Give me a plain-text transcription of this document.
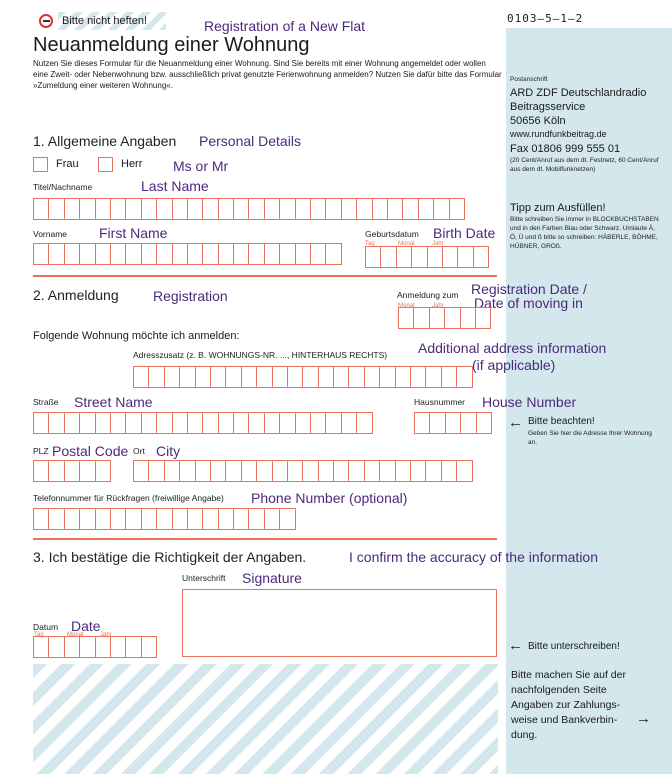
Bitte nicht heften!	Registration of a New Flat	0103–5–1–2
Neuanmeldung einer Wohnung
Nutzen Sie dieses Formular für die Neuanmeldung einer Wohnung. Sind Sie bereits mit einer Wohnung angemeldet oder wollen eine Zweit- oder Nebenwohnung bzw. ausschließlich privat genutzte Ferienwohnung anmelden? Nutzen Sie dafür bitte das Formular »Zumeldung einer weiteren Wohnung«.
Postanschrift
ARD ZDF Deutschlandradio
Beitragsservice
50656 Köln
www.rundfunkbeitrag.de
Fax 01806 999 555 01
(20 Cent/Anruf aus dem dt. Festnetz, 60 Cent/Anruf aus dem dt. Mobilfunknetzen)
Tipp zum Ausfüllen!
Bitte schreiben Sie immer in BLOCKBUCHSTABEN und in den Farben Blau oder Schwarz. Umlaute Ä, Ö, Ü und ß bitte so schreiben: HÄBERLE, BÖHME, HÜBNER, GROß.
← Bitte beachten!
Geben Sie hier die Adresse Ihrer Wohnung an.
← Bitte unterschreiben!
Bitte machen Sie auf der nachfolgenden Seite Angaben zur Zahlungsweise und Bankverbindung.
→
1. Allgemeine Angaben Personal Details
Frau	Herr Ms or Mr
Titel/Nachname	Last Name
Vorname First Name	Geburtsdatum Birth Date
Tag	Monat	Jahr
2. Anmeldung Registration	Anmeldung zum Registration Date /
Date of moving in
Monat	Jahr
Folgende Wohnung möchte ich anmelden:
Adresszusatz (z. B. WOHNUNGS-NR. ..., HINTERHAUS RECHTS) Additional address information
(if applicable)
Straße Street Name	Hausnummer House Number
PLZ Postal Code Ort City
Telefonnummer für Rückfragen (freiwillige Angabe) Phone Number (optional)
3. Ich bestätige die Richtigkeit der Angaben.	I confirm the accuracy of the information
Unterschrift Signature
Datum Date
Tag	Monat	Jahr
